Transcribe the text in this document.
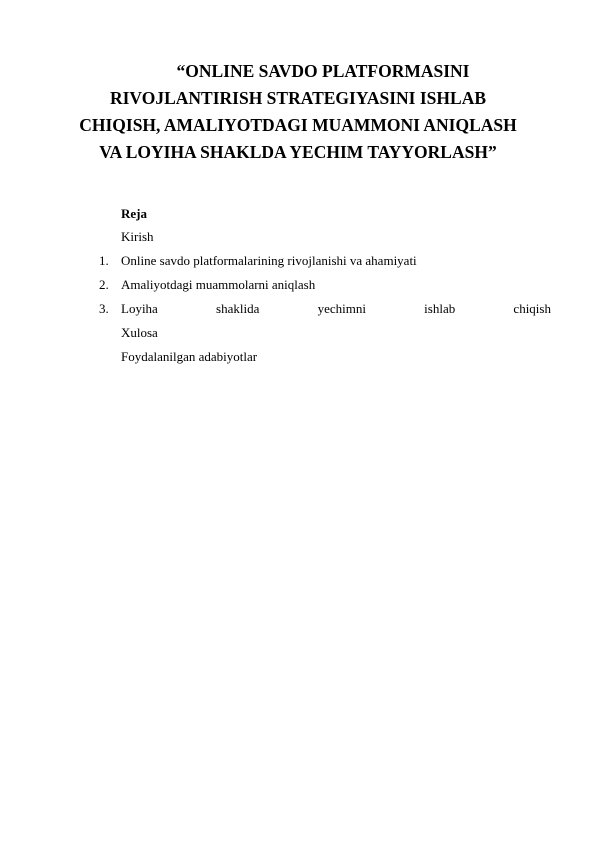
“ONLINE SAVDO PLATFORMASINI
RIVOJLANTIRISH STRATEGIYASINI ISHLAB
CHIQISH, AMALIYOTDAGI MUAMMONI ANIQLASH
VA LOYIHA SHAKLDA YECHIM TAYYORLASH”
Reja
Kirish
1. Online savdo platformalarining rivojlanishi va ahamiyati
2. Amaliyotdagi muammolarni aniqlash
3. Loyiha	shaklida	yechimni	ishlab	chiqish
Xulosa
Foydalanilgan adabiyotlar
